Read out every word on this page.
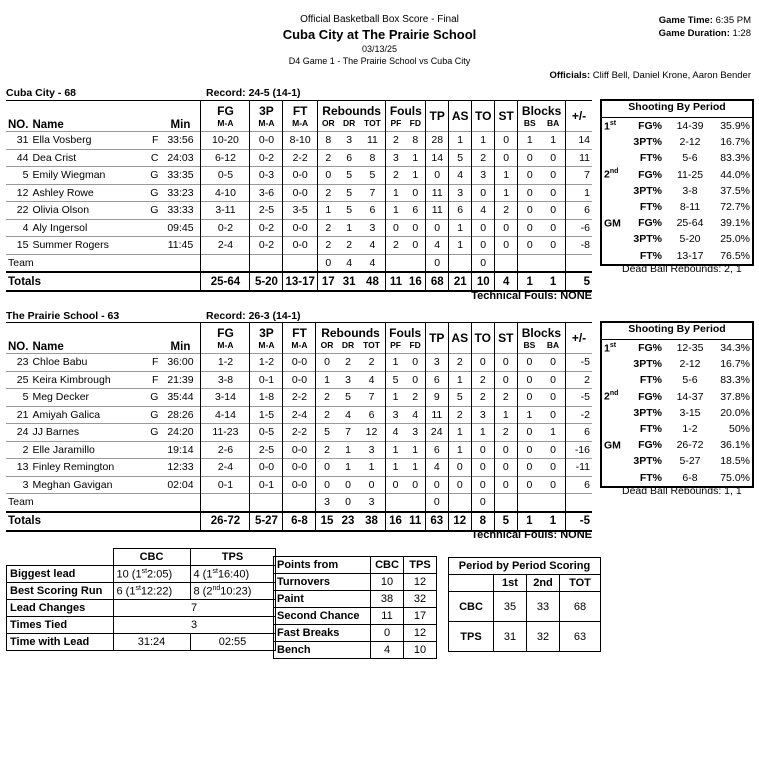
Official Basketball Box Score - Final
Cuba City at The Prairie School
03/13/25
D4 Game 1 - The Prairie School vs Cuba City
Game Time: 6:35 PM
Game Duration: 1:28
Officials: Cliff Bell, Daniel Krone, Aaron Bender
Cuba City - 68	Record: 24-5 (14-1)
			FG	3P	FT	Rebounds			Fouls		TP	AS	TO	ST	Blocks		+/-
NO.	Name	Min	M-A	M-A	M-A	OR	DR	TOT	PF	FD					BS	BA	
31	Ella Vosberg F	33:56	10-20	0-0	8-10	8	3	11	2	8	28	1	1	0	1	1	14
44	Dea Crist C	24:03	6-12	0-2	2-2	2	6	8	3	1	14	5	2	0	0	0	11
5	Emily Wiegman G	33:35	0-5	0-3	0-0	0	5	5	2	1	0	4	3	1	0	0	7
12	Ashley Rowe G	33:23	4-10	3-6	0-0	2	5	7	1	0	11	3	0	1	0	0	1
22	Olivia Olson G	33:33	3-11	2-5	3-5	1	5	6	1	6	11	6	4	2	0	0	6
4	Aly Ingersol	09:45	0-2	0-2	0-0	2	1	3	0	0	0	1	0	0	0	0	-6
15	Summer Rogers	11:45	2-4	0-2	0-0	2	2	4	2	0	4	1	0	0	0	0	-8
Team						0	4	4			0		0				
Totals			25-64	5-20	13-17	17	31	48	11	16	68	21	10	4	1	1	5
Technical Fouls: NONE
Shooting By Period
1st	FG%	14-39	35.9%
	3PT%	2-12	16.7%
	FT%	5-6	83.3%
2nd	FG%	11-25	44.0%
	3PT%	3-8	37.5%
	FT%	8-11	72.7%
GM	FG%	25-64	39.1%
	3PT%	5-20	25.0%
	FT%	13-17	76.5%
Dead Ball Rebounds: 2, 1
The Prairie School - 63	Record: 26-3 (14-1)
			FG	3P	FT	Rebounds			Fouls		TP	AS	TO	ST	Blocks		+/-
NO.	Name	Min	M-A	M-A	M-A	OR	DR	TOT	PF	FD					BS	BA	
23	Chloe Babu F	36:00	1-2	1-2	0-0	0	2	2	1	0	3	2	0	0	0	0	-5
25	Keira Kimbrough F	21:39	3-8	0-1	0-0	1	3	4	5	0	6	1	2	0	0	0	2
5	Meg Decker G	35:44	3-14	1-8	2-2	2	5	7	1	2	9	5	2	2	0	0	-5
21	Amiyah Galica G	28:26	4-14	1-5	2-4	2	4	6	3	4	11	2	3	1	1	0	-2
24	JJ Barnes G	24:20	11-23	0-5	2-2	5	7	12	4	3	24	1	1	2	0	1	6
2	Elle Jaramillo	19:14	2-6	2-5	0-0	2	1	3	1	1	6	1	0	0	0	0	-16
13	Finley Remington	12:33	2-4	0-0	0-0	0	1	1	1	1	4	0	0	0	0	0	-11
3	Meghan Gavigan	02:04	0-1	0-1	0-0	0	0	0	0	0	0	0	0	0	0	0	6
Team						3	0	3			0		0				
Totals			26-72	5-27	6-8	15	23	38	16	11	63	12	8	5	1	1	-5
Technical Fouls: NONE
Shooting By Period
1st	FG%	12-35	34.3%
	3PT%	2-12	16.7%
	FT%	5-6	83.3%
2nd	FG%	14-37	37.8%
	3PT%	3-15	20.0%
	FT%	1-2	50%
GM	FG%	26-72	36.1%
	3PT%	5-27	18.5%
	FT%	6-8	75.0%
Dead Ball Rebounds: 1, 1
	CBC	TPS
Biggest lead	10 (1st2:05)	4 (1st16:40)
Best Scoring Run	6 (1st12:22)	8 (2nd10:23)
Lead Changes	7	
Times Tied	3	
Time with Lead	31:24	02:55
Points from	CBC	TPS
Turnovers	10	12
Paint	38	32
Second Chance	11	17
Fast Breaks	0	12
Bench	4	10
Period by Period Scoring			
	1st	2nd	TOT
CBC	35	33	68
TPS	31	32	63
